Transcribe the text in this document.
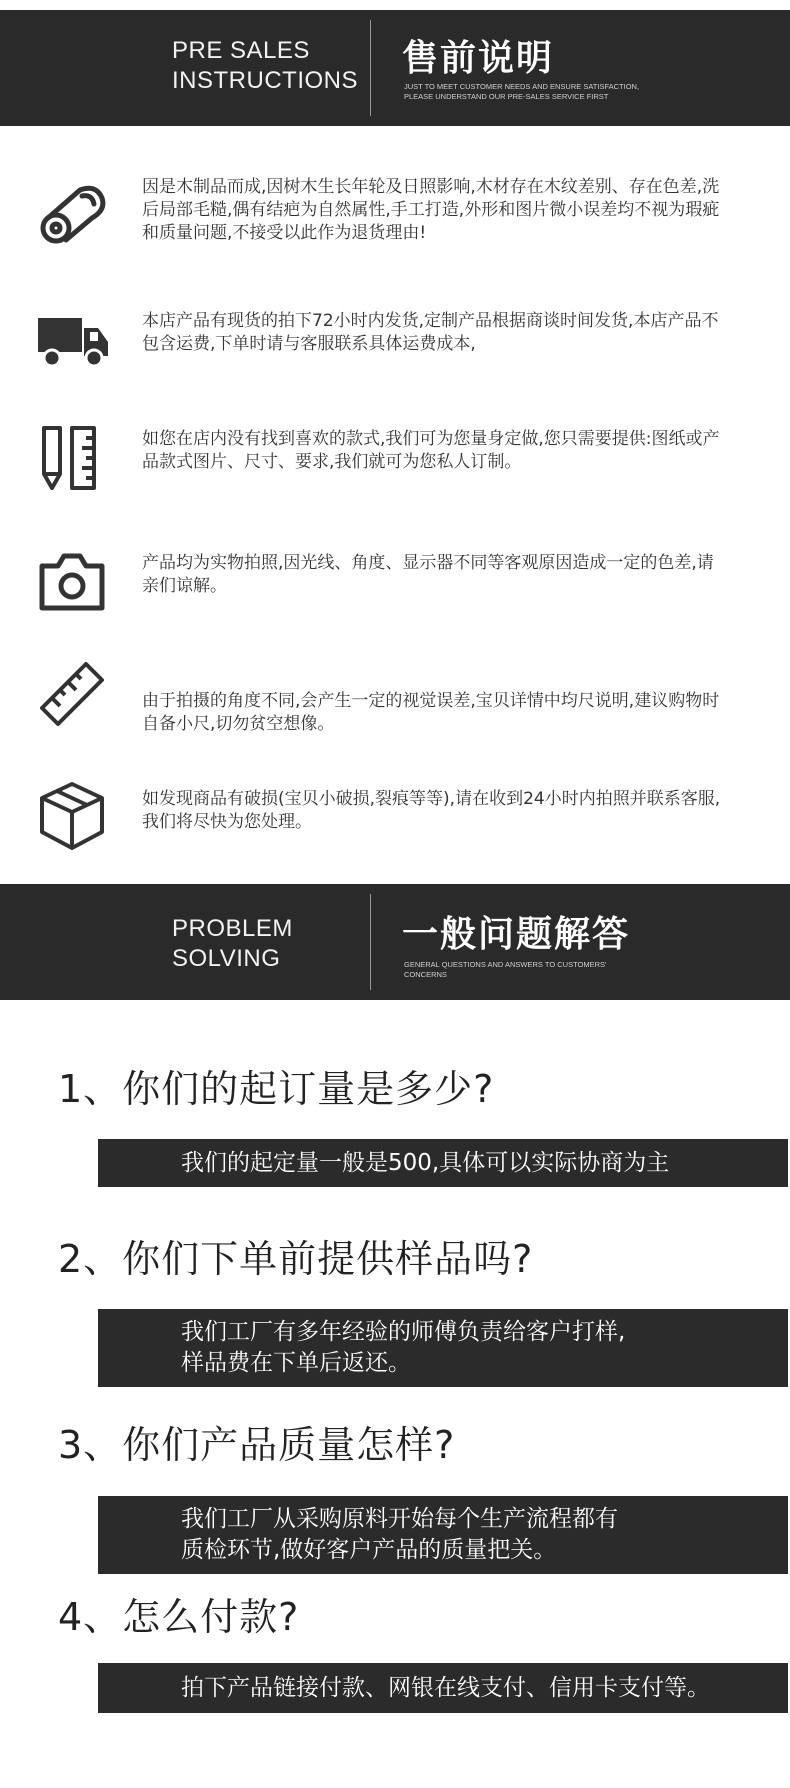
PRE SALES
INSTRUCTIONS
售前说明
JUST TO MEET CUSTOMER NEEDS AND ENSURE SATISFACTION,
PLEASE UNDERSTAND OUR PRE-SALES SERVICE FIRST
因是木制品而成,因树木生长年轮及日照影响,木材存在木纹差别、存在色差,洗后局部毛糙,偶有结疤为自然属性,手工打造,外形和图片微小误差均不视为瑕疵和质量问题,不接受以此作为退货理由!
本店产品有现货的拍下72小时内发货,定制产品根据商谈时间发货,本店产品不包含运费,下单时请与客服联系具体运费成本,
如您在店内没有找到喜欢的款式,我们可为您量身定做,您只需要提供:图纸或产品款式图片、尺寸、要求,我们就可为您私人订制。
产品均为实物拍照,因光线、角度、显示器不同等客观原因造成一定的色差,请亲们谅解。
由于拍摄的角度不同,会产生一定的视觉误差,宝贝详情中均尺说明,建议购物时自备小尺,切勿贫空想像。
如发现商品有破损(宝贝小破损,裂痕等等),请在收到24小时内拍照并联系客服,我们将尽快为您处理。
PROBLEM
SOLVING
一般问题解答
GENERAL QUESTIONS AND ANSWERS TO CUSTOMERS'
CONCERNS
1、你们的起订量是多少?
我们的起定量一般是500,具体可以实际协商为主
2、你们下单前提供样品吗?
我们工厂有多年经验的师傅负责给客户打样,
样品费在下单后返还。
3、你们产品质量怎样?
我们工厂从采购原料开始每个生产流程都有
质检环节,做好客户产品的质量把关。
4、怎么付款?
拍下产品链接付款、网银在线支付、信用卡支付等。
